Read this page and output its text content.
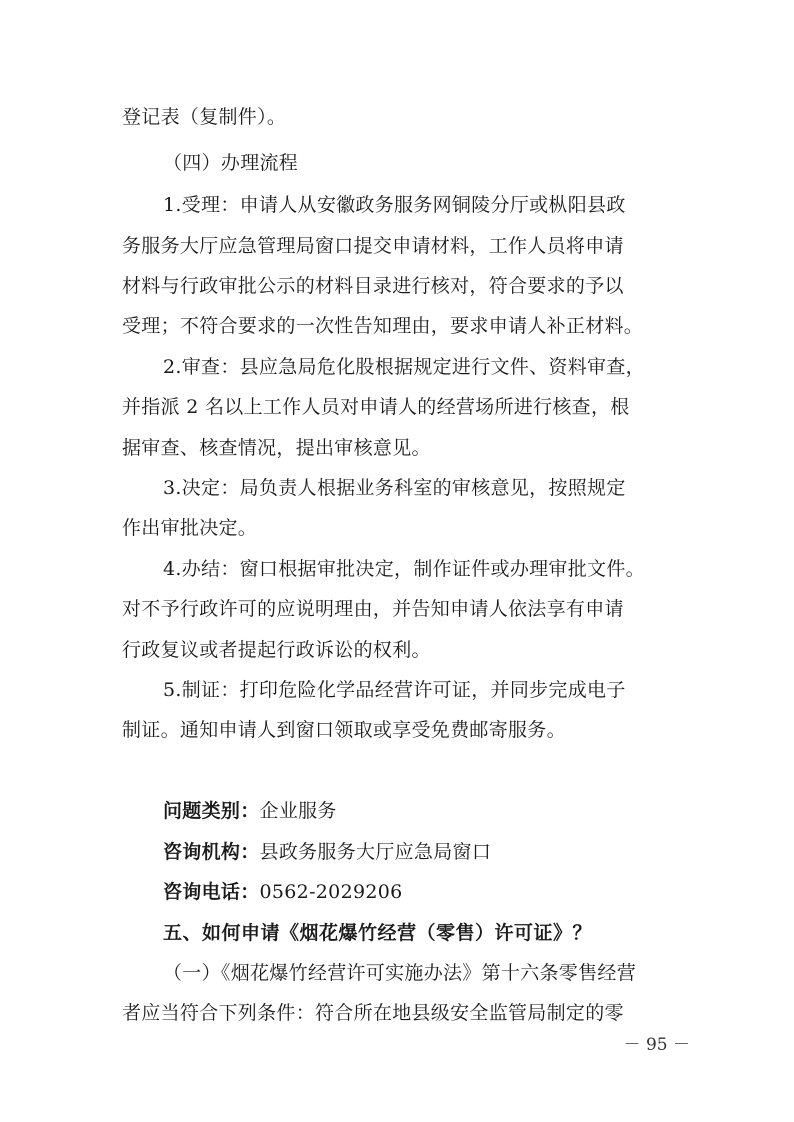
登记表（复制件）。
（四）办理流程
1.受理：申请人从安徽政务服务网铜陵分厅或枞阳县政
务服务大厅应急管理局窗口提交申请材料，工作人员将申请
材料与行政审批公示的材料目录进行核对，符合要求的予以
受理；不符合要求的一次性告知理由，要求申请人补正材料。
2.审查：县应急局危化股根据规定进行文件、资料审查，
并指派 2 名以上工作人员对申请人的经营场所进行核查，根
据审查、核查情况，提出审核意见。
3.决定：局负责人根据业务科室的审核意见，按照规定
作出审批决定。
4.办结：窗口根据审批决定，制作证件或办理审批文件。
对不予行政许可的应说明理由，并告知申请人依法享有申请
行政复议或者提起行政诉讼的权利。
5.制证：打印危险化学品经营许可证，并同步完成电子
制证。通知申请人到窗口领取或享受免费邮寄服务。
问题类别：企业服务
咨询机构：县政务服务大厅应急局窗口
咨询电话：0562-2029206
五、如何申请《烟花爆竹经营（零售）许可证》？
（一）《烟花爆竹经营许可实施办法》第十六条零售经营
者应当符合下列条件：符合所在地县级安全监管局制定的零
－ 95 －
